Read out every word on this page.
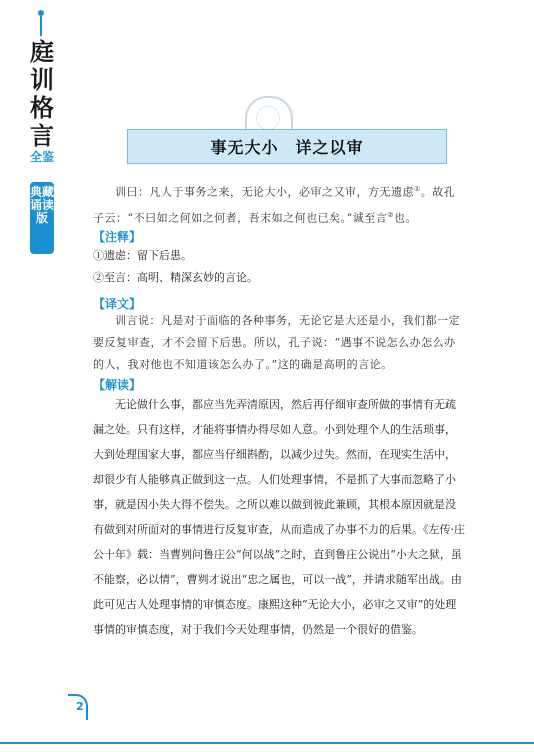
庭训格言
全鉴
典藏诵读版
事无大小　详之以审

训曰：凡人于事务之来，无论大小，必审之又审，方无遗虑①。故孔子云：“不曰如之何如之何者，吾末如之何也已矣。”诚至言②也。

【注释】

①遗虑：留下后患。

②至言：高明、精深玄妙的言论。

【译文】

训言说：凡是对于面临的各种事务，无论它是大还是小，我们都一定要反复审查，才不会留下后患。所以，孔子说：“遇事不说怎么办怎么办的人，我对他也不知道该怎么办了。”这的确是高明的言论。

【解读】

无论做什么事，都应当先弄清原因，然后再仔细审查所做的事情有无疏漏之处。只有这样，才能将事情办得尽如人意。小到处理个人的生活琐事，大到处理国家大事，都应当仔细斟酌，以减少过失。然而，在现实生活中，却很少有人能够真正做到这一点。人们处理事情，不是抓了大事而忽略了小事，就是因小失大得不偿失。之所以难以做到彼此兼顾，其根本原因就是没有做到对所面对的事情进行反复审查，从而造成了办事不力的后果。《左传·庄公十年》载：当曹刿问鲁庄公“何以战”之时，直到鲁庄公说出“小大之狱，虽不能察，必以情”，曹刿才说出“忠之属也，可以一战”，并请求随军出战。由此可见古人处理事情的审慎态度。康熙这种“无论大小，必审之又审”的处理事情的审慎态度，对于我们今天处理事情，仍然是一个很好的借鉴。

2
